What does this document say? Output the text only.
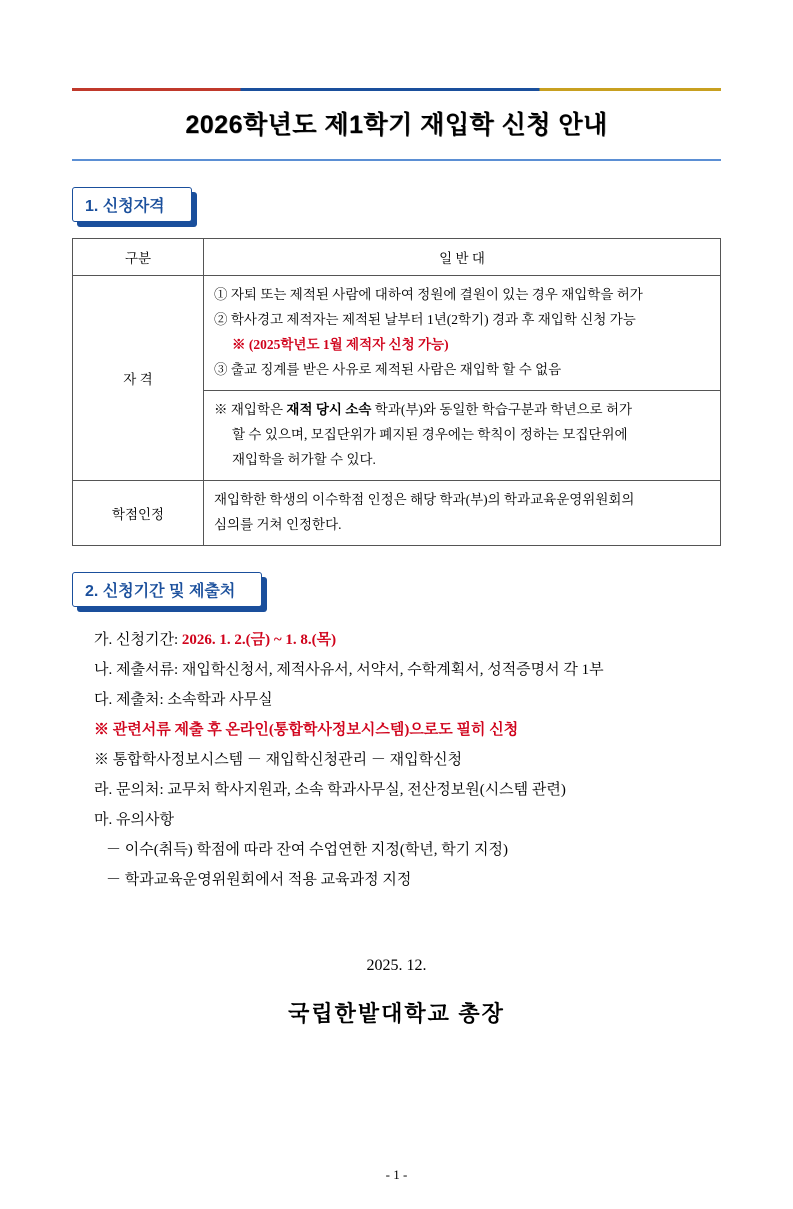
2026학년도 제1학기 재입학 신청 안내
1. 신청자격
구분	일 반 대
자 격	① 자퇴 또는 제적된 사람에 대하여 정원에 결원이 있는 경우 재입학을 허가
② 학사경고 제적자는 제적된 날부터 1년(2학기) 경과 후 재입학 신청 가능
※ (2025학년도 1월 제적자 신청 가능)
③ 출교 징계를 받은 사유로 제적된 사람은 재입학 할 수 없음

	※ 재입학은 재적 당시 소속 학과(부)와 동일한 학습구분과 학년으로 허가
할 수 있으며, 모집단위가 폐지된 경우에는 학칙이 정하는 모집단위에
재입학을 허가할 수 있다.

학점인정	재입학한 학생의 이수학점 인정은 해당 학과(부)의 학과교육운영위원회의
심의를 거쳐 인정한다.
2. 신청기간 및 제출처
가. 신청기간: 2026. 1. 2.(금) ~ 1. 8.(목)
나. 제출서류: 재입학신청서, 제적사유서, 서약서, 수학계획서, 성적증명서 각 1부
다. 제출처: 소속학과 사무실
※ 관련서류 제출 후 온라인(통합학사정보시스템)으로도 필히 신청
※ 통합학사정보시스템 － 재입학신청관리 － 재입학신청
라. 문의처: 교무처 학사지원과, 소속 학과사무실, 전산정보원(시스템 관련)
마. 유의사항
－ 이수(취득) 학점에 따라 잔여 수업연한 지정(학년, 학기 지정)
－ 학과교육운영위원회에서 적용 교육과정 지정
2025. 12.
국립한밭대학교 총장
- 1 -
